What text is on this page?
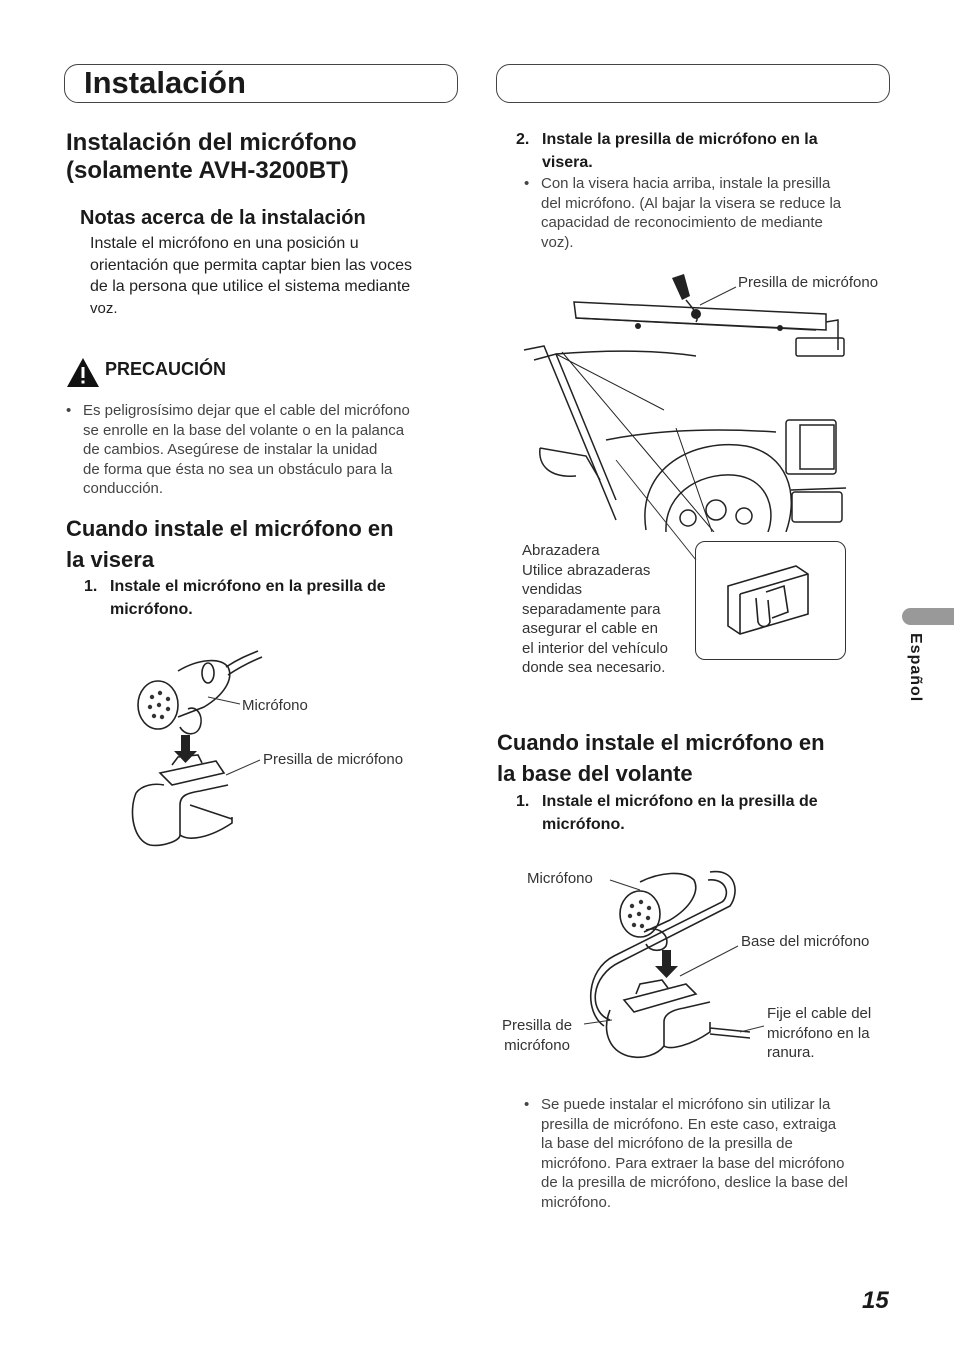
Instalación
Instalación del micrófono
(solamente AVH-3200BT)
Notas acerca de la instalación
Instale el micrófono en una posición u
orientación que permita captar bien las voces
de la persona que utilice el sistema mediante
voz.
PRECAUCIÓN
• Es peligrosísimo dejar que el cable del micrófono
se enrolle en la base del volante o en la palanca
de cambios. Asegúrese de instalar la unidad
de forma que ésta no sea un obstáculo para la
conducción.
Cuando instale el micrófono en
la visera
1. Instale el micrófono en la presilla de
micrófono.
Micrófono
Presilla de micrófono
2. Instale la presilla de micrófono en la
visera.
• Con la visera hacia arriba, instale la presilla
del micrófono. (Al bajar la visera se reduce la
capacidad de reconocimiento de mediante
voz).
Presilla de micrófono
Abrazadera
Utilice abrazaderas
vendidas
separadamente para
asegurar el cable en
el interior del vehículo
donde sea necesario.
Cuando instale el micrófono en
la base del volante
1. Instale el micrófono en la presilla de
micrófono.
Micrófono
Base del micrófono
Presilla de
micrófono
Fije el cable del
micrófono en la
ranura.
• Se puede instalar el micrófono sin utilizar la
presilla de micrófono. En este caso, extraiga
la base del micrófono de la presilla de
micrófono. Para extraer la base del micrófono
de la presilla de micrófono, deslice la base del
micrófono.
Español
15
